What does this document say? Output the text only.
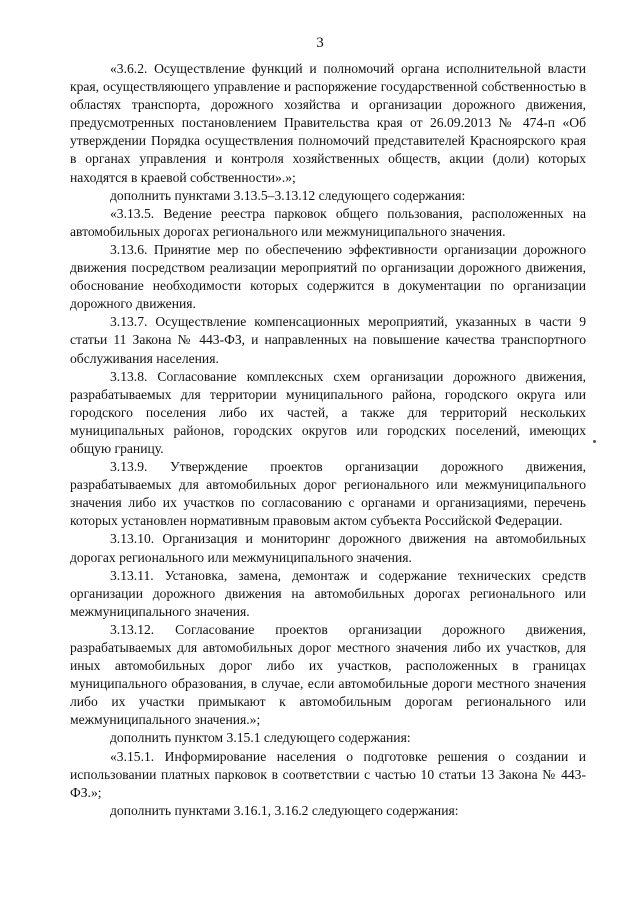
3

«3.6.2. Осуществление функций и полномочий органа исполнительной власти края, осуществляющего управление и распоряжение государственной собственностью в областях транспорта, дорожного хозяйства и организации дорожного движения, предусмотренных постановлением Правительства края от 26.09.2013 № 474-п «Об утверждении Порядка осуществления полномочий представителей Красноярского края в органах управления и контроля хозяйственных обществ, акции (доли) которых находятся в краевой собственности».»;

дополнить пунктами 3.13.5–3.13.12 следующего содержания:

«3.13.5. Ведение реестра парковок общего пользования, расположенных на автомобильных дорогах регионального или межмуниципального значения.

3.13.6. Принятие мер по обеспечению эффективности организации дорожного движения посредством реализации мероприятий по организации дорожного движения, обоснование необходимости которых содержится в документации по организации дорожного движения.

3.13.7. Осуществление компенсационных мероприятий, указанных в части 9 статьи 11 Закона № 443-ФЗ, и направленных на повышение качества транспортного обслуживания населения.

3.13.8. Согласование комплексных схем организации дорожного движения, разрабатываемых для территории муниципального района, городского округа или городского поселения либо их частей, а также для территорий нескольких муниципальных районов, городских округов или городских поселений, имеющих общую границу.

3.13.9. Утверждение проектов организации дорожного движения, разрабатываемых для автомобильных дорог регионального или межмуниципального значения либо их участков по согласованию с органами и организациями, перечень которых установлен нормативным правовым актом субъекта Российской Федерации.

3.13.10. Организация и мониторинг дорожного движения на автомобильных дорогах регионального или межмуниципального значения.

3.13.11. Установка, замена, демонтаж и содержание технических средств организации дорожного движения на автомобильных дорогах регионального или межмуниципального значения.

3.13.12. Согласование проектов организации дорожного движения, разрабатываемых для автомобильных дорог местного значения либо их участков, для иных автомобильных дорог либо их участков, расположенных в границах муниципального образования, в случае, если автомобильные дороги местного значения либо их участки примыкают к автомобильным дорогам регионального или межмуниципального значения.»;

дополнить пунктом 3.15.1 следующего содержания:

«3.15.1. Информирование населения о подготовке решения о создании и использовании платных парковок в соответствии с частью 10 статьи 13 Закона № 443-ФЗ.»;

дополнить пунктами 3.16.1, 3.16.2 следующего содержания:
